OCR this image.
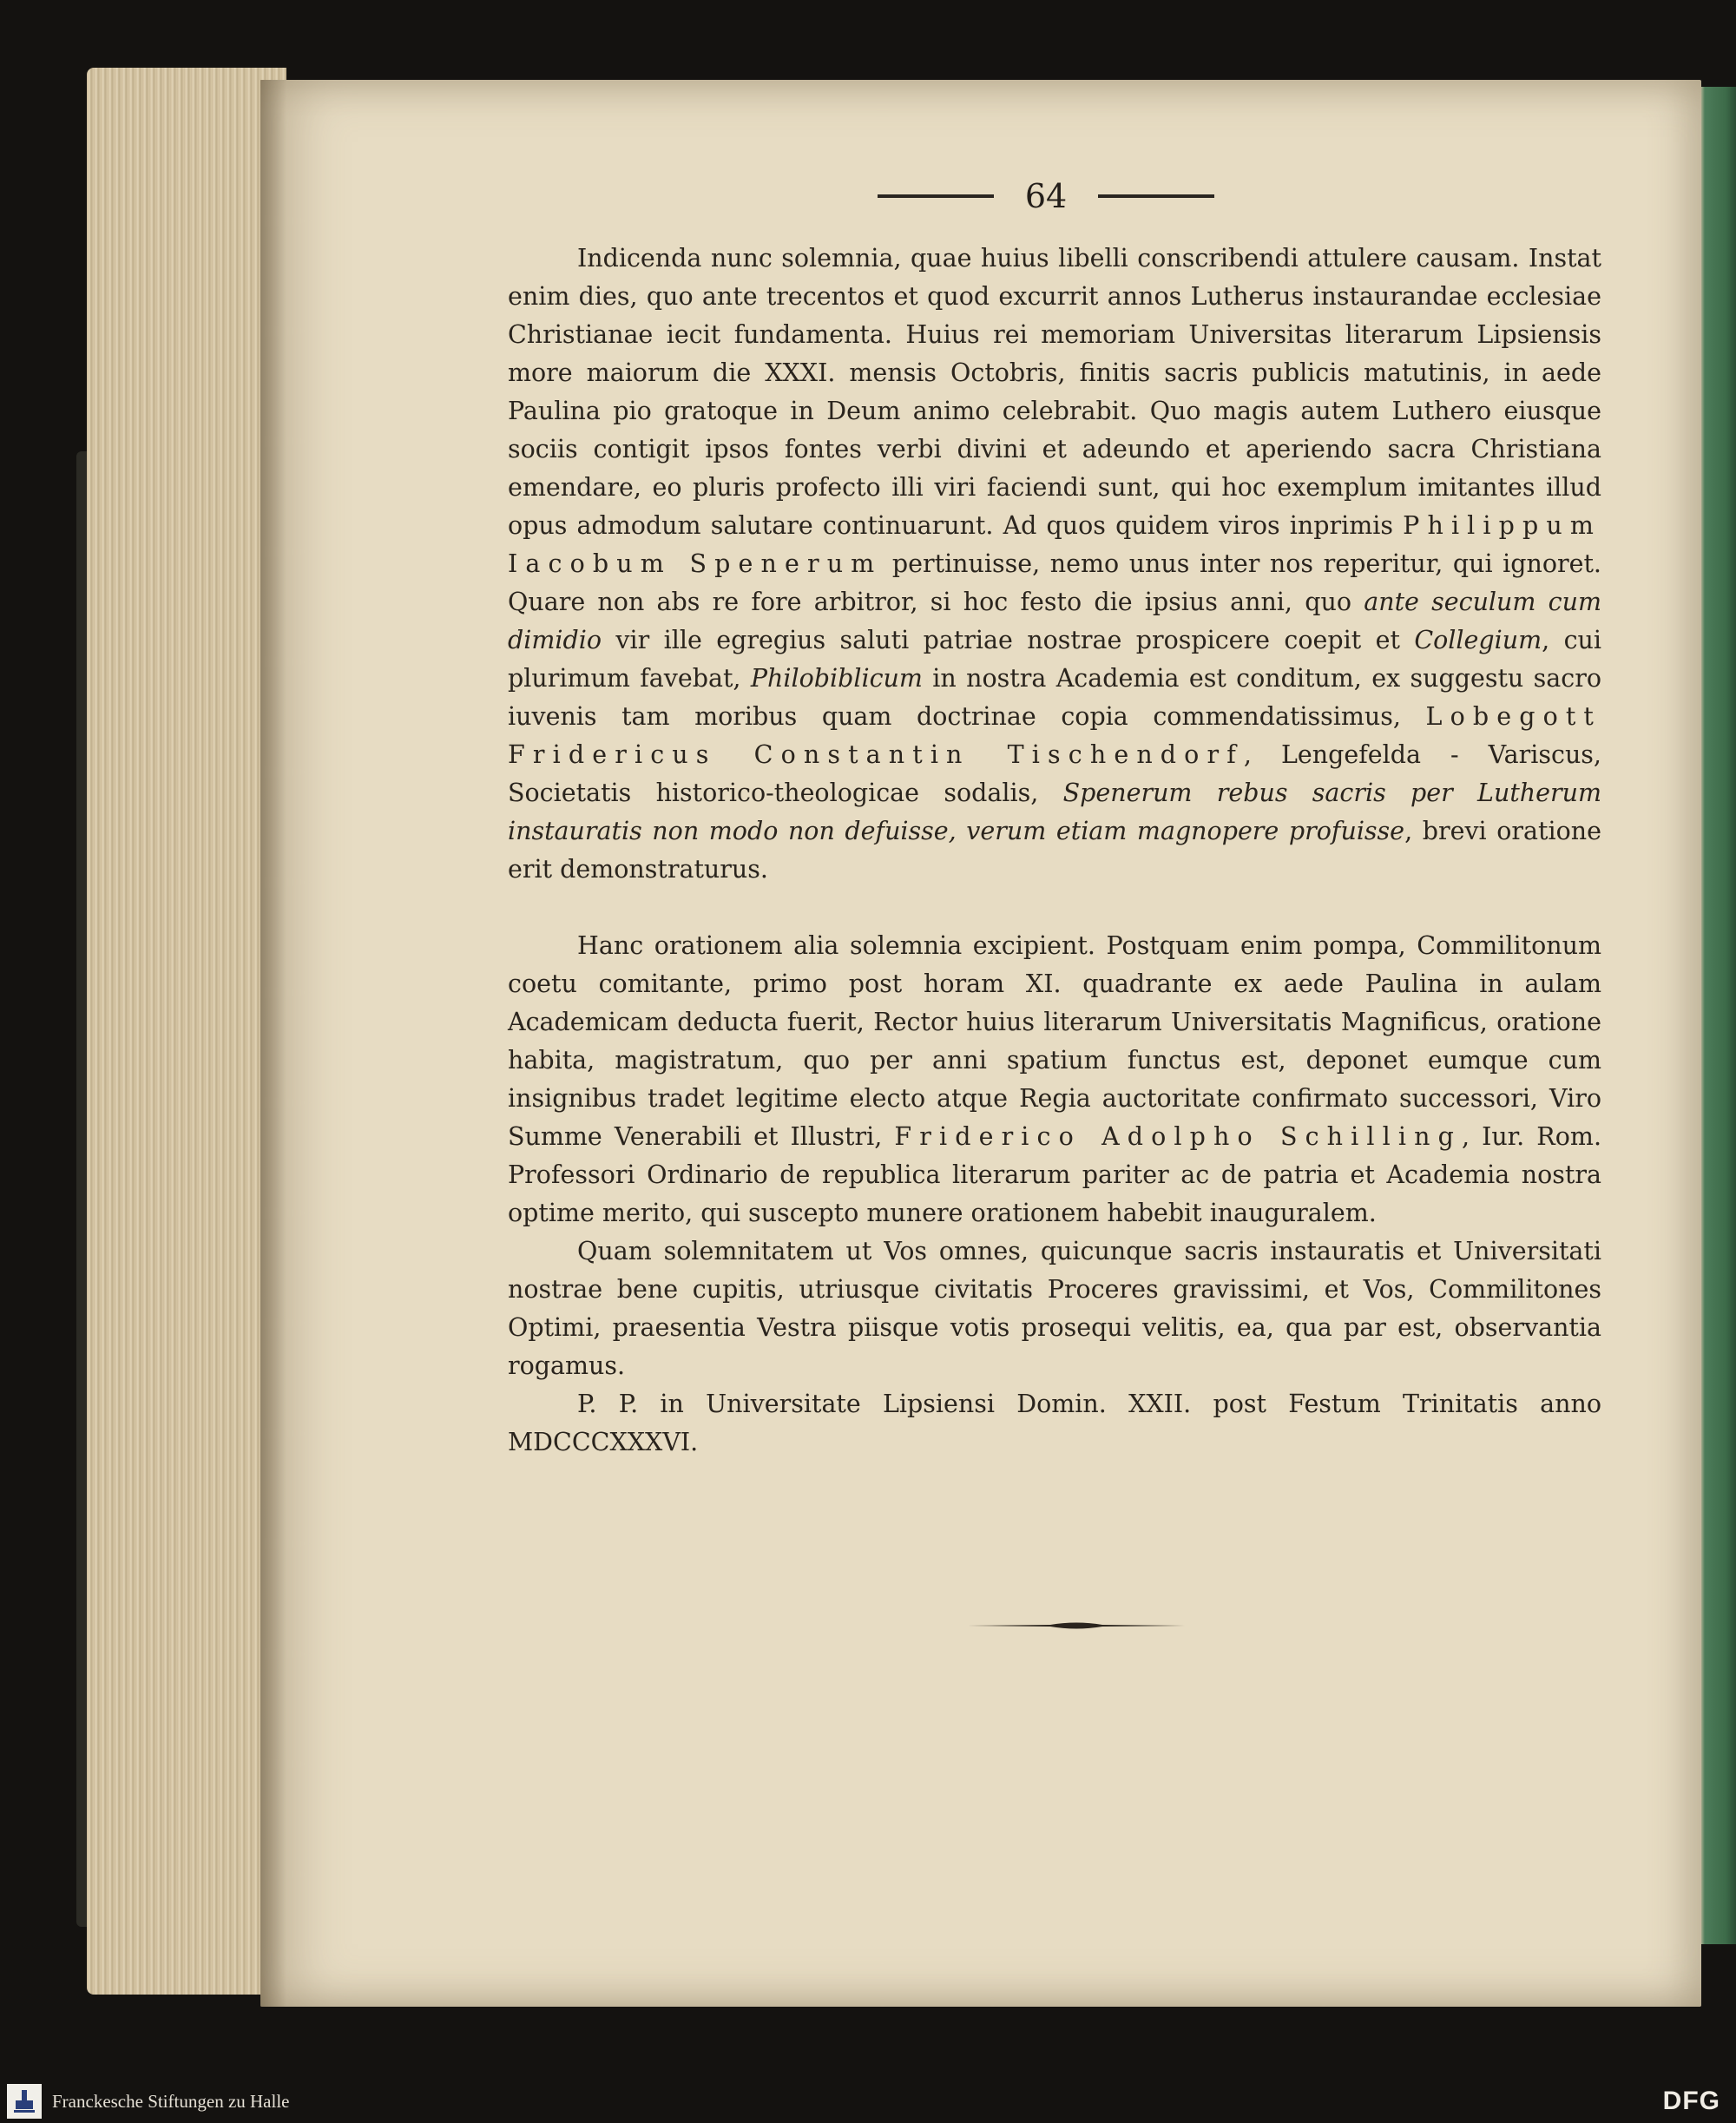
64

Indicenda nunc solemnia, quae huius libelli conscribendi attulere causam. Instat enim dies, quo ante trecentos et quod excurrit annos Lutherus instaurandae ecclesiae Christianae iecit fundamenta. Huius rei memoriam Universitas literarum Lipsiensis more maiorum die XXXI. mensis Octobris, finitis sacris publicis matutinis, in aede Paulina pio gratoque in Deum animo celebrabit. Quo magis autem Luthero eiusque sociis contigit ipsos fontes verbi divini et adeundo et aperiendo sacra Christiana emendare, eo pluris profecto illi viri faciendi sunt, qui hoc exemplum imitantes illud opus admodum salutare continuarunt. Ad quos quidem viros inprimis Philippum Iacobum Spenerum pertinuisse, nemo unus inter nos reperitur, qui ignoret. Quare non abs re fore arbitror, si hoc festo die ipsius anni, quo ante seculum cum dimidio vir ille egregius saluti patriae nostrae prospicere coepit et Collegium, cui plurimum favebat, Philobiblicum in nostra Academia est conditum, ex suggestu sacro iuvenis tam moribus quam doctrinae copia commendatissimus, Lobegott Fridericus Constantin Tischendorf, Lengefelda - Variscus, Societatis historico-theologicae sodalis, Spenerum rebus sacris per Lutherum instauratis non modo non defuisse, verum etiam magnopere profuisse, brevi oratione erit demonstraturus.

Hanc orationem alia solemnia excipient. Postquam enim pompa, Commilitonum coetu comitante, primo post horam XI. quadrante ex aede Paulina in aulam Academicam deducta fuerit, Rector huius literarum Universitatis Magnificus, oratione habita, magistratum, quo per anni spatium functus est, deponet eumque cum insignibus tradet legitime electo atque Regia auctoritate confirmato successori, Viro Summe Venerabili et Illustri, Friderico Adolpho Schilling, Iur. Rom. Professori Ordinario de republica literarum pariter ac de patria et Academia nostra optime merito, qui suscepto munere orationem habebit inauguralem.

Quam solemnitatem ut Vos omnes, quicunque sacris instauratis et Universitati nostrae bene cupitis, utriusque civitatis Proceres gravissimi, et Vos, Commilitones Optimi, praesentia Vestra piisque votis prosequi velitis, ea, qua par est, observantia rogamus.

P. P. in Universitate Lipsiensi Domin. XXII. post Festum Trinitatis anno MDCCCXXXVI.

Franckesche Stiftungen zu Halle	DFG
